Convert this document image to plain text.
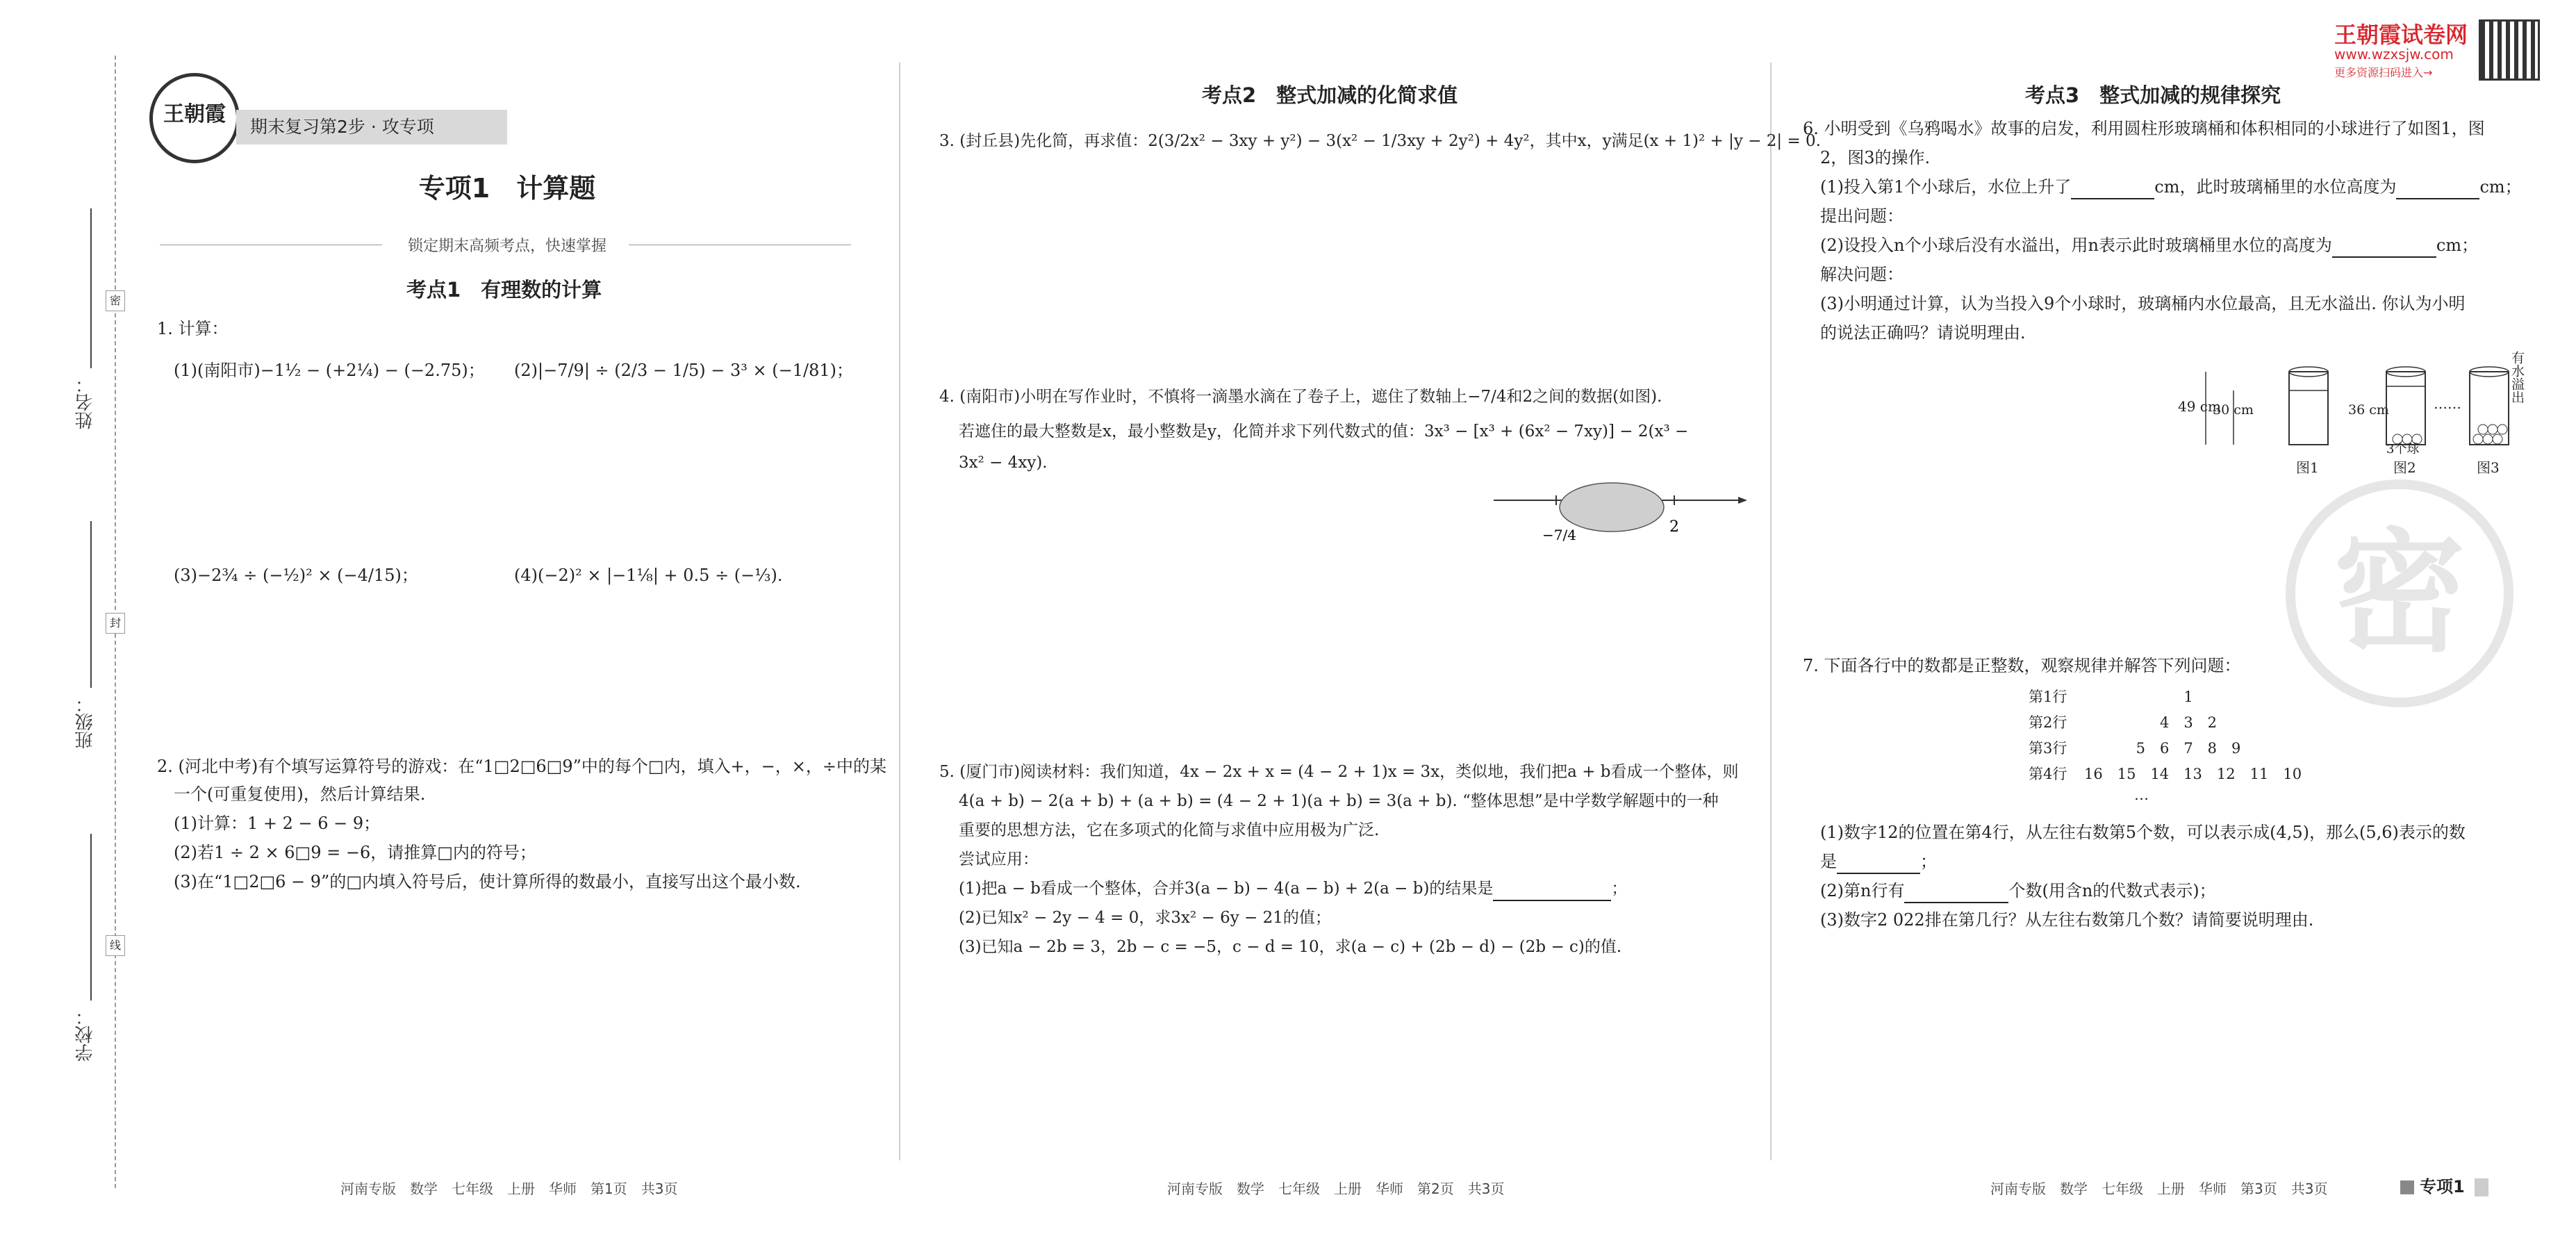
姓名：
班级：
学校：
密
封
线
王朝霞
期末复习第2步 · 攻专项
专项1　计算题
锁定期末高频考点，快速掌握
考点1　有理数的计算
1. 计算：
(1)(南阳市)−1½ − (+2¼) − (−2.75)； (2)|−7/9| ÷ (2/3 − 1/5) − 3³ × (−1/81)；
(3)−2¾ ÷ (−½)² × (−4/15)；	(4)(−2)² × |−1⅛| + 0.5 ÷ (−⅓).
2. (河北中考)有个填写运算符号的游戏：在“1□2□6□9”中的每个□内，填入+，−，×，÷中的某
一个(可重复使用)，然后计算结果.
(1)计算：1 + 2 − 6 − 9；
(2)若1 ÷ 2 × 6□9 = −6，请推算□内的符号；
(3)在“1□2□6 − 9”的□内填入符号后，使计算所得的数最小，直接写出这个最小数.
河南专版　数学　七年级　上册　华师　第1页　共3页
考点2　整式加减的化简求值
3. (封丘县)先化简，再求值：2(3/2x² − 3xy + y²) − 3(x² − 1/3xy + 2y²) + 4y²，其中x，y满足(x + 1)² + |y − 2| = 0.
4. (南阳市)小明在写作业时，不慎将一滴墨水滴在了卷子上，遮住了数轴上−7/4和2之间的数据(如图).
若遮住的最大整数是x，最小整数是y，化简并求下列代数式的值：3x³ − [x³ + (6x² − 7xy)] − 2(x³ −
3x² − 4xy).
−7/4	2
5. (厦门市)阅读材料：我们知道，4x − 2x + x = (4 − 2 + 1)x = 3x，类似地，我们把a + b看成一个整体，则
4(a + b) − 2(a + b) + (a + b) = (4 − 2 + 1)(a + b) = 3(a + b). “整体思想”是中学数学解题中的一种
重要的思想方法，它在多项式的化简与求值中应用极为广泛.
尝试应用：
(1)把a − b看成一个整体，合并3(a − b) − 4(a − b) + 2(a − b)的结果是	；
(2)已知x² − 2y − 4 = 0，求3x² − 6y − 21的值；
(3)已知a − 2b = 3，2b − c = −5，c − d = 10，求(a − c) + (2b − d) − (2b − c)的值.
河南专版　数学　七年级　上册　华师　第2页　共3页
王朝霞试卷网
www.wzxsjw.com
更多资源扫码进入→
考点3　整式加减的规律探究
6. 小明受到《乌鸦喝水》故事的启发，利用圆柱形玻璃桶和体积相同的小球进行了如图1，图
2，图3的操作.
(1)投入第1个小球后，水位上升了	cm，此时玻璃桶里的水位高度为	cm；
提出问题：
(2)设投入n个小球后没有水溢出，用n表示此时玻璃桶里水位的高度为	cm；
解决问题：
(3)小明通过计算，认为当投入9个小球时，玻璃桶内水位最高，且无水溢出. 你认为小明
的说法正确吗？请说明理由.
49 cm
30 cm
图1
36 cm
3个球
图2
……
图3
有水溢出
密
7. 下面各行中的数都是正整数，观察规律并解答下列问题：
第1行	1
第2行	4　3　2
第3行	5　6　7　8　9
第4行 16　15　14　13　12　11　10
…
(1)数字12的位置在第4行，从左往右数第5个数，可以表示成(4,5)，那么(5,6)表示的数
是	；
(2)第n行有	个数(用含n的代数式表示)；
(3)数字2 022排在第几行？从左往右数第几个数？请简要说明理由.
河南专版　数学　七年级　上册　华师　第3页　共3页	专项1
